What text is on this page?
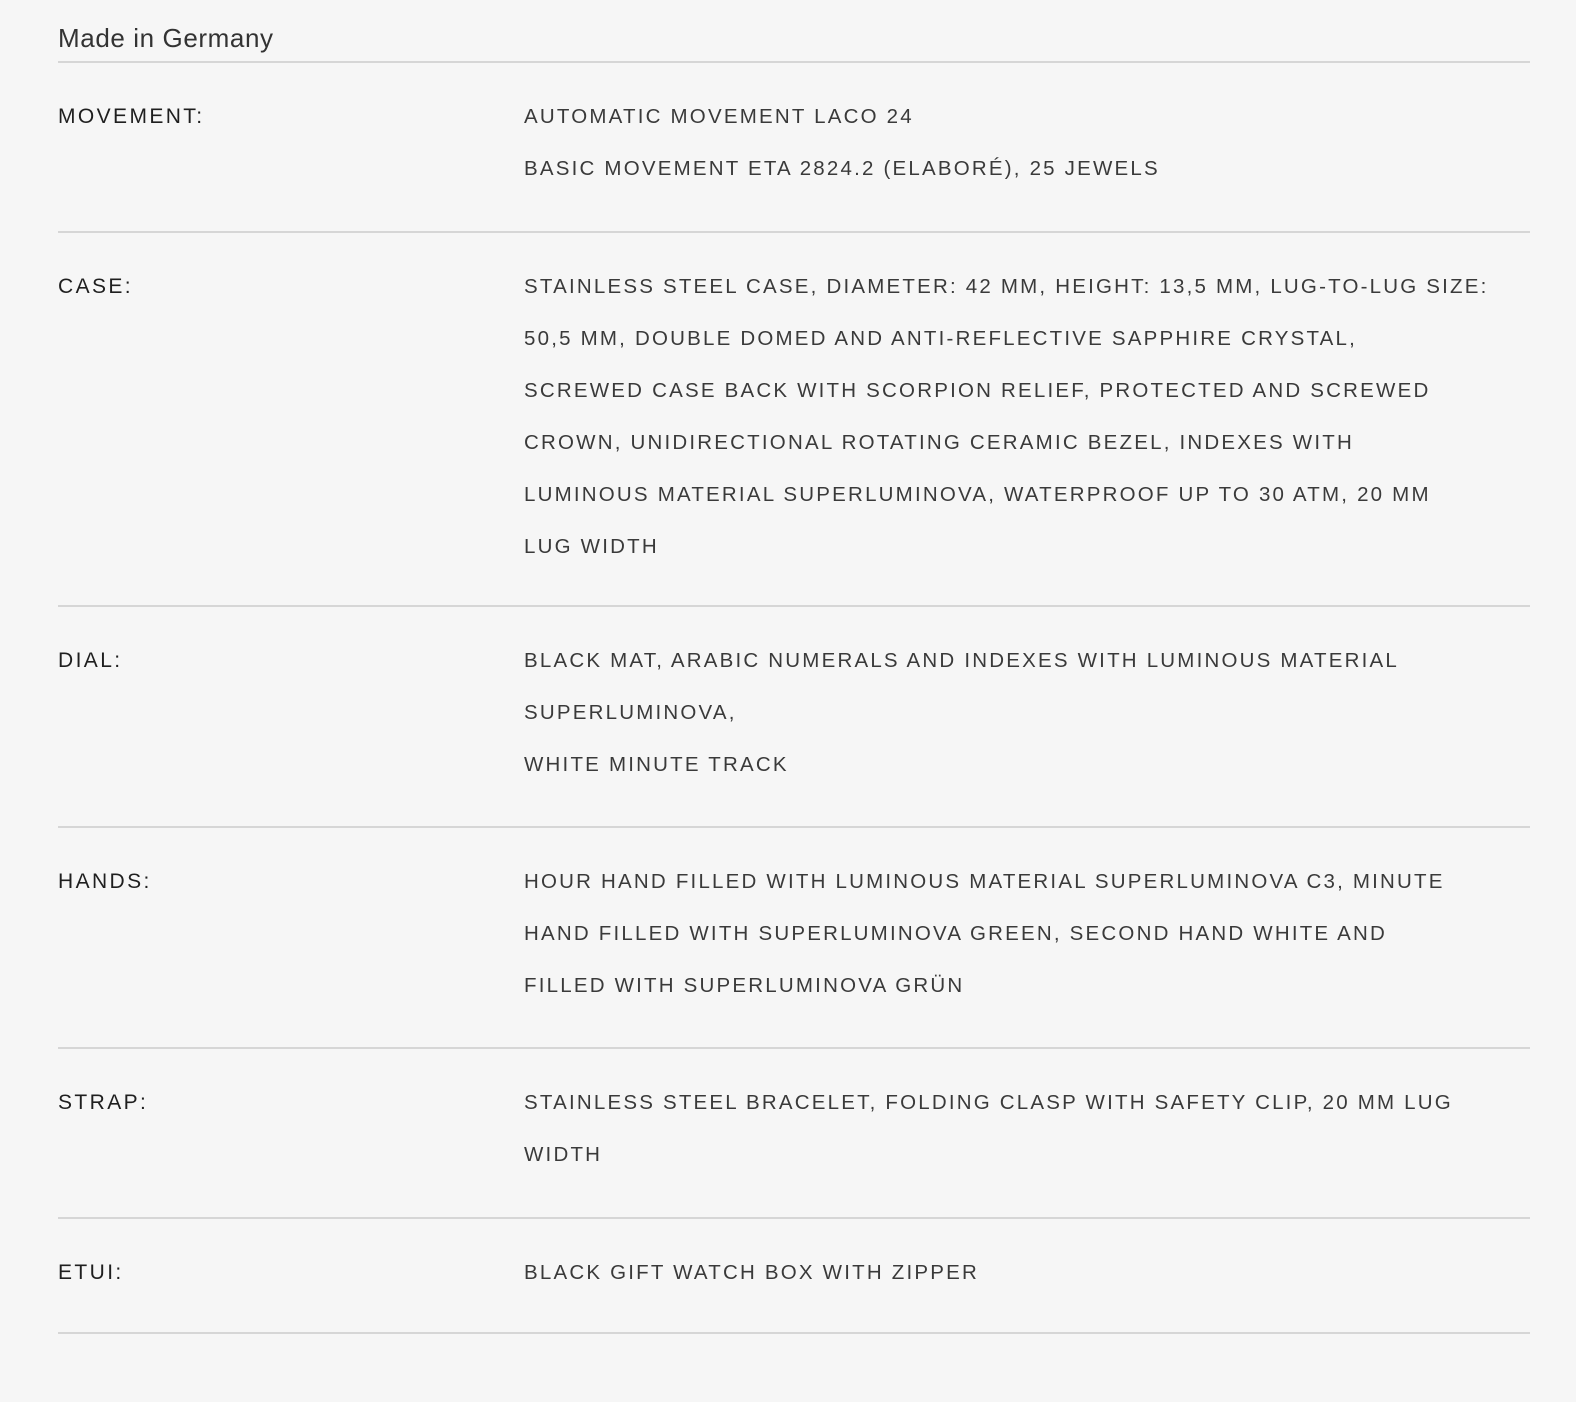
Made in Germany
MOVEMENT:	AUTOMATIC MOVEMENT LACO 24
BASIC MOVEMENT ETA 2824.2 (ELABORÉ), 25 JEWELS
CASE:	STAINLESS STEEL CASE, DIAMETER: 42 MM, HEIGHT: 13,5 MM, LUG-TO-LUG SIZE:
50,5 MM, DOUBLE DOMED AND ANTI-REFLECTIVE SAPPHIRE CRYSTAL,
SCREWED CASE BACK WITH SCORPION RELIEF, PROTECTED AND SCREWED
CROWN, UNIDIRECTIONAL ROTATING CERAMIC BEZEL, INDEXES WITH
LUMINOUS MATERIAL SUPERLUMINOVA, WATERPROOF UP TO 30 ATM, 20 MM
LUG WIDTH
DIAL:	BLACK MAT, ARABIC NUMERALS AND INDEXES WITH LUMINOUS MATERIAL
SUPERLUMINOVA,
WHITE MINUTE TRACK
HANDS:	HOUR HAND FILLED WITH LUMINOUS MATERIAL SUPERLUMINOVA C3, MINUTE
HAND FILLED WITH SUPERLUMINOVA GREEN, SECOND HAND WHITE AND
FILLED WITH SUPERLUMINOVA GRÜN
STRAP:	STAINLESS STEEL BRACELET, FOLDING CLASP WITH SAFETY CLIP, 20 MM LUG
WIDTH
ETUI:	BLACK GIFT WATCH BOX WITH ZIPPER
